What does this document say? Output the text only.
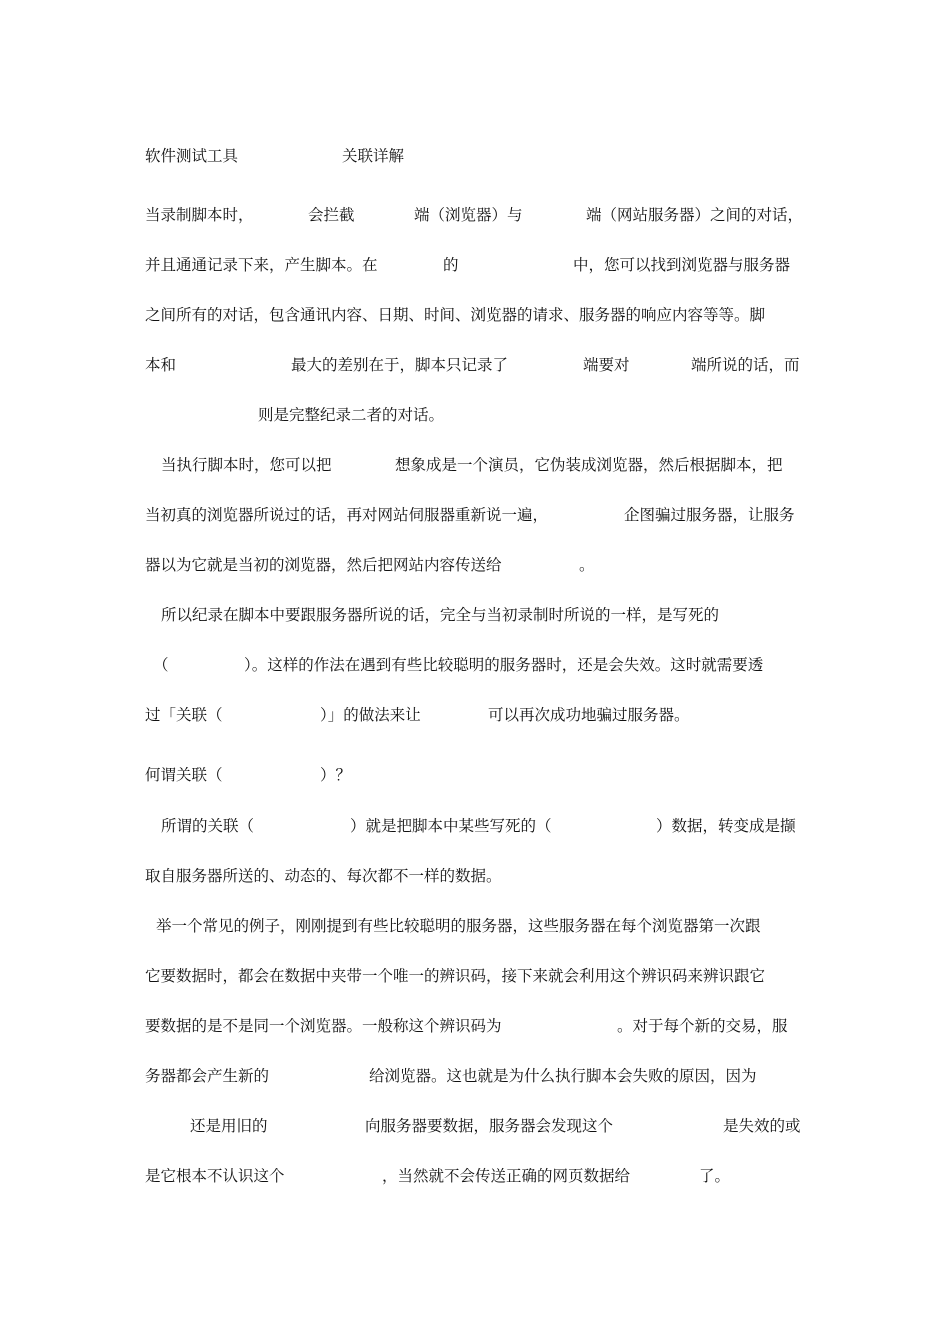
软件测试工具	关联详解
当录制脚本时，	会拦截	端（浏览器）与	端（网站服务器）之间的对话，
并且通通记录下来，产生脚本。在	的	中，您可以找到浏览器与服务器
之间所有的对话，包含通讯内容、日期、时间、浏览器的请求、服务器的响应内容等等。脚
本和	最大的差别在于，脚本只记录了	端要对	端所说的话，而
则是完整纪录二者的对话。
当执行脚本时，您可以把	想象成是一个演员，它伪装成浏览器，然后根据脚本，把
当初真的浏览器所说过的话，再对网站伺服器重新说一遍，	企图骗过服务器，让服务
器以为它就是当初的浏览器，然后把网站内容传送给	。
所以纪录在脚本中要跟服务器所说的话，完全与当初录制时所说的一样，是写死的
（	）。这样的作法在遇到有些比较聪明的服务器时，还是会失效。这时就需要透
过「关联（	）」的做法来让	可以再次成功地骗过服务器。
何谓关联（	）？
所谓的关联（	）就是把脚本中某些写死的（	）数据，转变成是撷
取自服务器所送的、动态的、每次都不一样的数据。
举一个常见的例子，刚刚提到有些比较聪明的服务器，这些服务器在每个浏览器第一次跟
它要数据时，都会在数据中夹带一个唯一的辨识码，接下来就会利用这个辨识码来辨识跟它
要数据的是不是同一个浏览器。一般称这个辨识码为	。对于每个新的交易，服
务器都会产生新的	给浏览器。这也就是为什么执行脚本会失败的原因，因为
还是用旧的	向服务器要数据，服务器会发现这个	是失效的或
是它根本不认识这个	，当然就不会传送正确的网页数据给	了。
